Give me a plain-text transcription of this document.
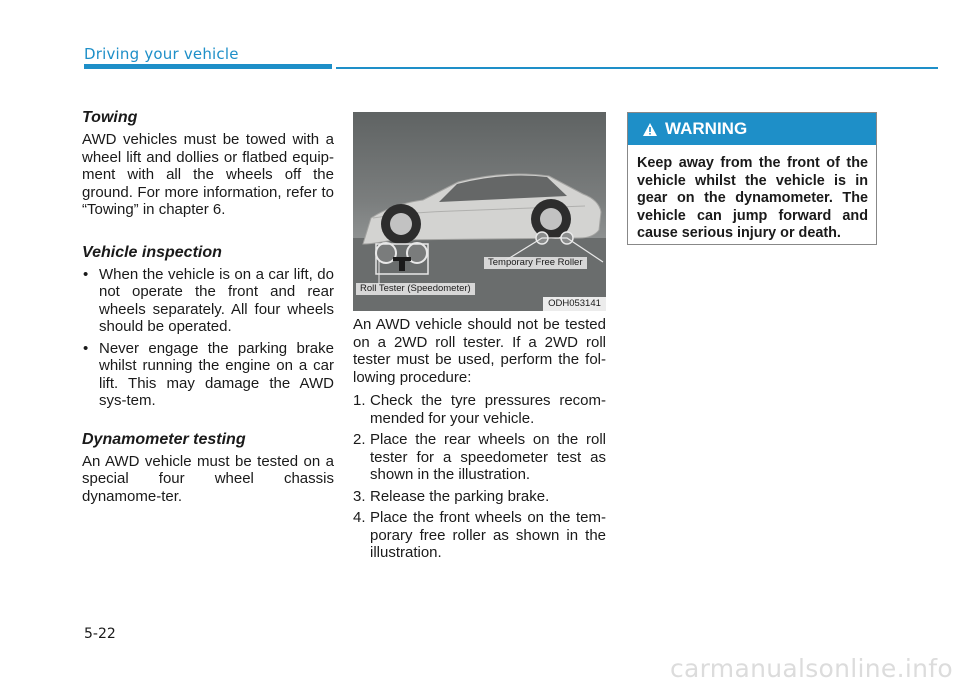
Driving your vehicle
Towing

AWD vehicles must be towed with a wheel lift and dollies or flatbed equip-ment with all the wheels off the ground. For more information, refer to “Towing” in chapter 6.

Vehicle inspection
• When the vehicle is on a car lift, do not operate the front and rear wheels separately. All four wheels should be operated.
• Never engage the parking brake whilst running the engine on a car lift. This may damage the AWD sys-tem.
Dynamometer testing

An AWD vehicle must be tested on a special four wheel chassis dynamome-ter.

Temporary Free Roller
Roll Tester (Speedometer)
ODH053141

An AWD vehicle should not be tested on a 2WD roll tester. If a 2WD roll tester must be used, perform the fol-lowing procedure:

1. Check the tyre pressures recom-mended for your vehicle.
2. Place the rear wheels on the roll tester for a speedometer test as shown in the illustration.
3. Release the parking brake.
4. Place the front wheels on the tem-porary free roller as shown in the illustration.
WARNING
Keep away from the front of the vehicle whilst the vehicle is in gear on the dynamometer. The vehicle can jump forward and cause serious injury or death.
5-22
carmanualsonline.info
